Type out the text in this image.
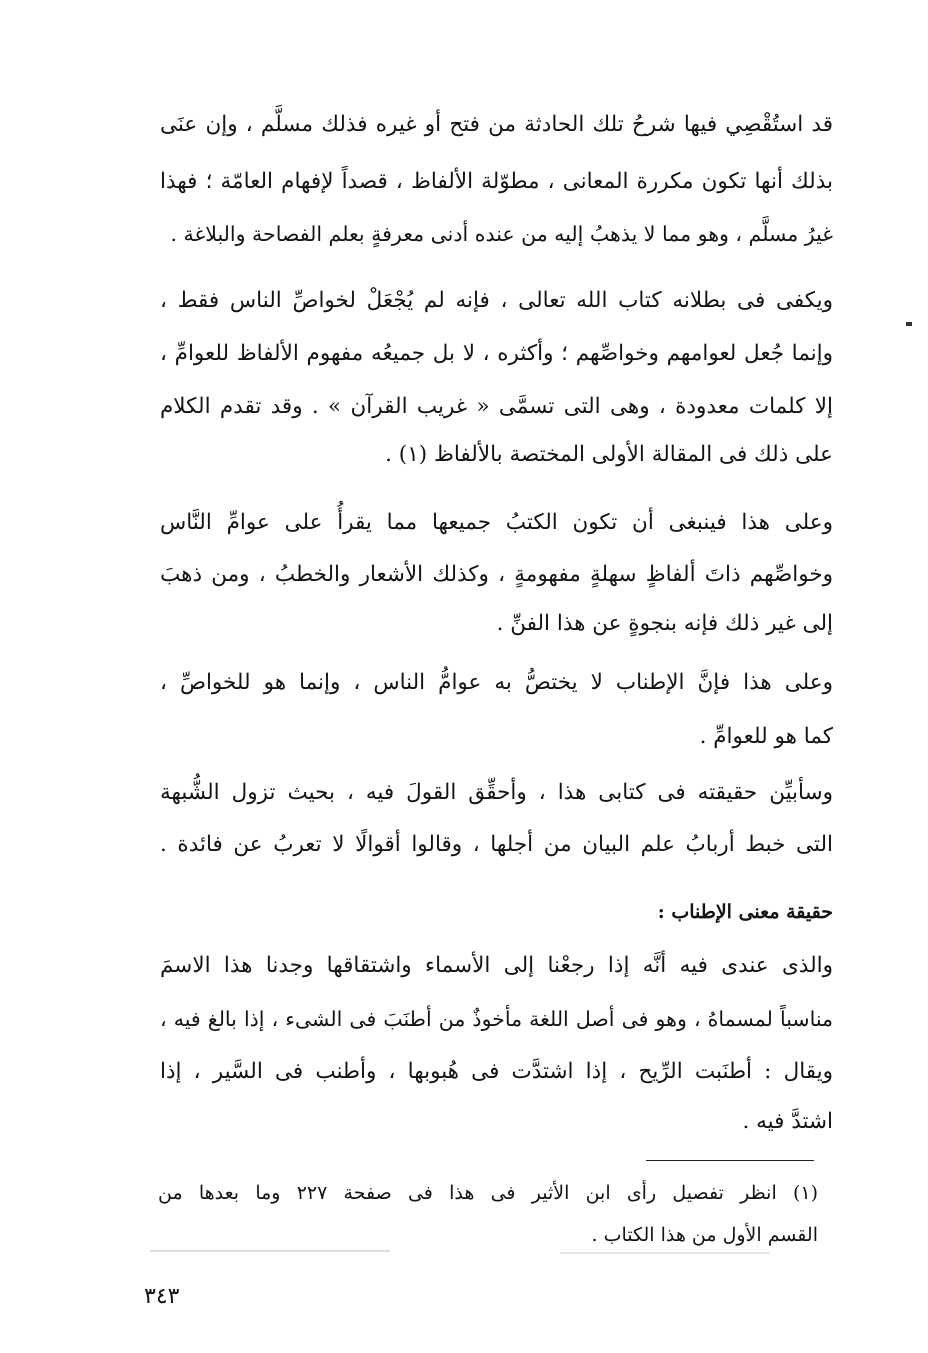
قد استُقْصِي فيها شرحُ تلك الحادثة من فتح أو غيره فذلك مسلَّم ، وإن عنَى
بذلك أنها تكون مكررة المعانى ، مطوّلة الألفاظ ، قصداً لإفهام العامّة ؛ فهذا
غيرُ مسلَّم ، وهو مما لا يذهبُ إليه من عنده أدنى معرفةٍ بعلم الفصاحة والبلاغة .
ويكفى فى بطلانه كتاب الله تعالى ، فإنه لم يُجْعَلْ لخواصِّ الناس فقط ،
وإنما جُعل لعوامهم وخواصِّهم ؛ وأكثره ، لا بل جميعُه مفهوم الألفاظ للعوامِّ ،
إلا كلمات معدودة ، وهى التى تسمَّى « غريب القرآن » . وقد تقدم الكلام
على ذلك فى المقالة الأولى المختصة بالألفاظ (١) .
وعلى هذا فينبغى أن تكون الكتبُ جميعها مما يقرأُ على عوامِّ النَّاس
وخواصِّهم ذاتَ ألفاظٍ سهلةٍ مفهومةٍ ، وكذلك الأشعار والخطبُ ، ومن ذهبَ
إلى غير ذلك فإنه بنجوةٍ عن هذا الفنِّ .
وعلى هذا فإنَّ الإطناب لا يختصُّ به عوامُّ الناس ، وإنما هو للخواصِّ ،
كما هو للعوامِّ .
وسأبيِّن حقيقته فى كتابى هذا ، وأحقِّق القولَ فيه ، بحيث تزول الشُّبهة
التى خبط أربابُ علم البيان من أجلها ، وقالوا أقوالًا لا تعربُ عن فائدة .
حقيقة معنى الإطناب :
والذى عندى فيه أنَّه إذا رجعْنا إلى الأسماء واشتقاقها وجدنا هذا الاسمَ
مناسباً لمسماهُ ، وهو فى أصل اللغة مأخوذٌ من أطنَبَ فى الشىء ، إذا بالغ فيه ،
ويقال : أطنَبت الرِّيح ، إذا اشتدَّت فى هُبوبها ، وأطنب فى السَّير ، إذا
اشتدَّ فيه .
(١) انظر تفصيل رأى ابن الأثير فى هذا فى صفحة ٢٢٧ وما بعدها من
القسم الأول من هذا الكتاب .
٣٤٣
